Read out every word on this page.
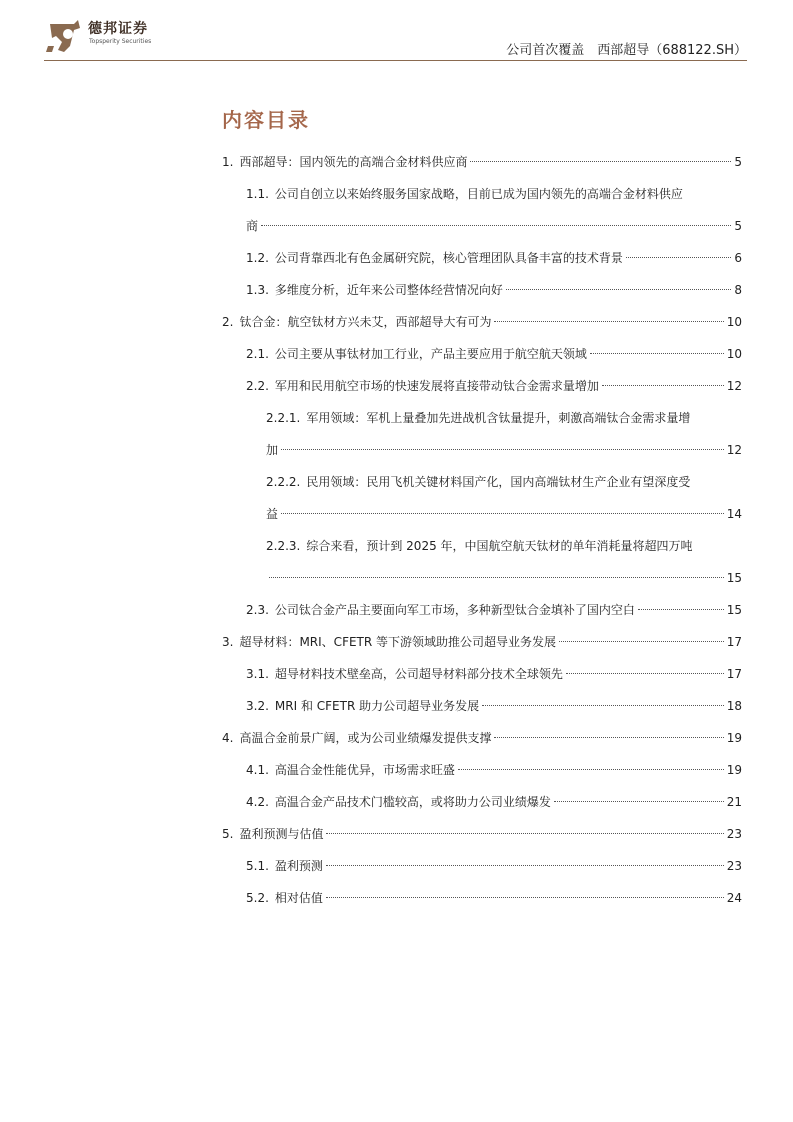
德邦证券
Topsperity Securities
公司首次覆盖　西部超导（688122.SH）
内容目录
1. 西部超导：国内领先的高端合金材料供应商	5
1.1. 公司自创立以来始终服务国家战略，目前已成为国内领先的高端合金材料供应
商	5
1.2. 公司背靠西北有色金属研究院，核心管理团队具备丰富的技术背景	6
1.3. 多维度分析，近年来公司整体经营情况向好	8
2. 钛合金：航空钛材方兴未艾，西部超导大有可为	10
2.1. 公司主要从事钛材加工行业，产品主要应用于航空航天领域	10
2.2. 军用和民用航空市场的快速发展将直接带动钛合金需求量增加	12
2.2.1. 军用领域：军机上量叠加先进战机含钛量提升，刺激高端钛合金需求量增
加	12
2.2.2. 民用领域：民用飞机关键材料国产化，国内高端钛材生产企业有望深度受
益	14
2.2.3. 综合来看，预计到 2025 年，中国航空航天钛材的单年消耗量将超四万吨
15
2.3. 公司钛合金产品主要面向军工市场，多种新型钛合金填补了国内空白	15
3. 超导材料：MRI、CFETR 等下游领域助推公司超导业务发展	17
3.1. 超导材料技术壁垒高，公司超导材料部分技术全球领先	17
3.2. MRI 和 CFETR 助力公司超导业务发展	18
4. 高温合金前景广阔，或为公司业绩爆发提供支撑	19
4.1. 高温合金性能优异，市场需求旺盛	19
4.2. 高温合金产品技术门槛较高，或将助力公司业绩爆发	21
5. 盈利预测与估值	23
5.1. 盈利预测	23
5.2. 相对估值	24
